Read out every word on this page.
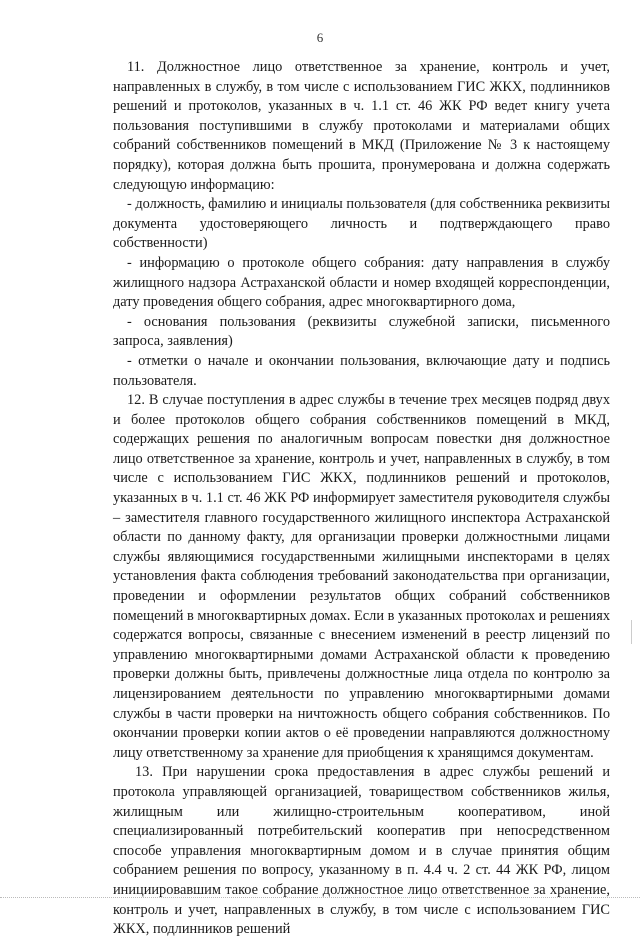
6

11. Должностное лицо ответственное за хранение, контроль и учет, направленных в службу, в том числе с использованием ГИС ЖКХ, подлинников решений и протоколов, указанных в ч. 1.1 ст. 46 ЖК РФ ведет книгу учета пользования поступившими в службу протоколами и материалами общих собраний собственников помещений в МКД (Приложение № 3 к настоящему порядку), которая должна быть прошита, пронумерована и должна содержать следующую информацию:

- должность, фамилию и инициалы пользователя (для собственника реквизиты документа удостоверяющего личность и подтверждающего право собственности)

- информацию о протоколе общего собрания: дату направления в службу жилищного надзора Астраханской области и номер входящей корреспонденции, дату проведения общего собрания, адрес многоквартирного дома,

- основания пользования (реквизиты служебной записки, письменного запроса, заявления)

- отметки о начале и окончании пользования, включающие дату и подпись пользователя.

12. В случае поступления в адрес службы в течение трех месяцев подряд двух и более протоколов общего собрания собственников помещений в МКД, содержащих решения по аналогичным вопросам повестки дня должностное лицо ответственное за хранение, контроль и учет, направленных в службу, в том числе с использованием ГИС ЖКХ, подлинников решений и протоколов, указанных в ч. 1.1 ст. 46 ЖК РФ информирует заместителя руководителя службы – заместителя главного государственного жилищного инспектора Астраханской области по данному факту, для организации проверки должностными лицами службы являющимися государственными жилищными инспекторами в целях установления факта соблюдения требований законодательства при организации, проведении и оформлении результатов общих собраний собственников помещений в многоквартирных домах. Если в указанных протоколах и решениях содержатся вопросы, связанные с внесением изменений в реестр лицензий по управлению многоквартирными домами Астраханской области к проведению проверки должны быть, привлечены должностные лица отдела по контролю за лицензированием деятельности по управлению многоквартирными домами службы в части проверки на ничтожность общего собрания собственников. По окончании проверки копии актов о её проведении направляются должностному лицу ответственному за хранение для приобщения к хранящимся документам.

13. При нарушении срока предоставления в адрес службы решений и протокола управляющей организацией, товариществом собственников жилья, жилищным или жилищно-строительным кооперативом, иной специализированный потребительский кооператив при непосредственном способе управления многоквартирным домом и в случае принятия общим собранием решения по вопросу, указанному в п. 4.4 ч. 2 ст. 44 ЖК РФ, лицом инициировавшим такое собрание должностное лицо ответственное за хранение, контроль и учет, направленных в службу, в том числе с использованием ГИС ЖКХ, подлинников решений
